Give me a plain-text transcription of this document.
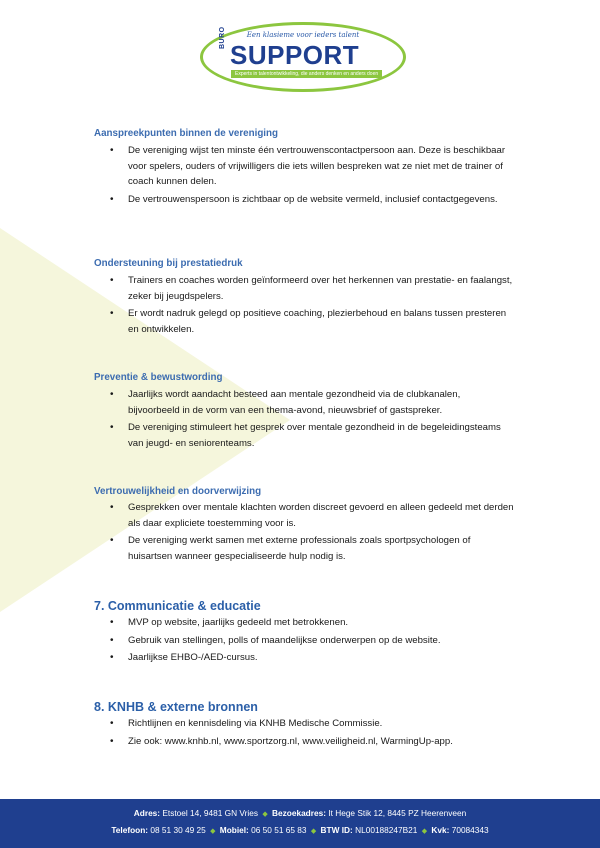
Een klasieme voor ieders talent
BURO
SUPPORT
Experts in talentontwikkeling, die anders denken en anders doen
Aanspreekpunten binnen de vereniging
• De vereniging wijst ten minste één vertrouwenscontactpersoon aan. Deze is beschikbaar voor spelers, ouders of vrijwilligers die iets willen bespreken wat ze niet met de trainer of coach kunnen delen.
• De vertrouwenspersoon is zichtbaar op de website vermeld, inclusief contactgegevens.
Ondersteuning bij prestatiedruk
• Trainers en coaches worden geïnformeerd over het herkennen van prestatie- en faalangst, zeker bij jeugdspelers.
• Er wordt nadruk gelegd op positieve coaching, plezierbehoud en balans tussen presteren en ontwikkelen.
Preventie & bewustwording
• Jaarlijks wordt aandacht besteed aan mentale gezondheid via de clubkanalen, bijvoorbeeld in de vorm van een thema-avond, nieuwsbrief of gastspreker.
• De vereniging stimuleert het gesprek over mentale gezondheid in de begeleidingsteams van jeugd- en seniorenteams.
Vertrouwelijkheid en doorverwijzing
• Gesprekken over mentale klachten worden discreet gevoerd en alleen gedeeld met derden als daar expliciete toestemming voor is.
• De vereniging werkt samen met externe professionals zoals sportpsychologen of huisartsen wanneer gespecialiseerde hulp nodig is.
7. Communicatie & educatie
• MVP op website, jaarlijks gedeeld met betrokkenen.
• Gebruik van stellingen, polls of maandelijkse onderwerpen op de website.
• Jaarlijkse EHBO-/AED-cursus.
8. KNHB & externe bronnen
• Richtlijnen en kennisdeling via KNHB Medische Commissie.
• Zie ook: www.knhb.nl, www.sportzorg.nl, www.veiligheid.nl, WarmingUp-app.
Adres: Etstoel 14, 9481 GN Vries ◆ Bezoekadres: It Hege Stik 12, 8445 PZ Heerenveen
Telefoon: 08 51 30 49 25 ◆ Mobiel: 06 50 51 65 83 ◆ BTW ID: NL00188247B21 ◆ Kvk: 70084343
